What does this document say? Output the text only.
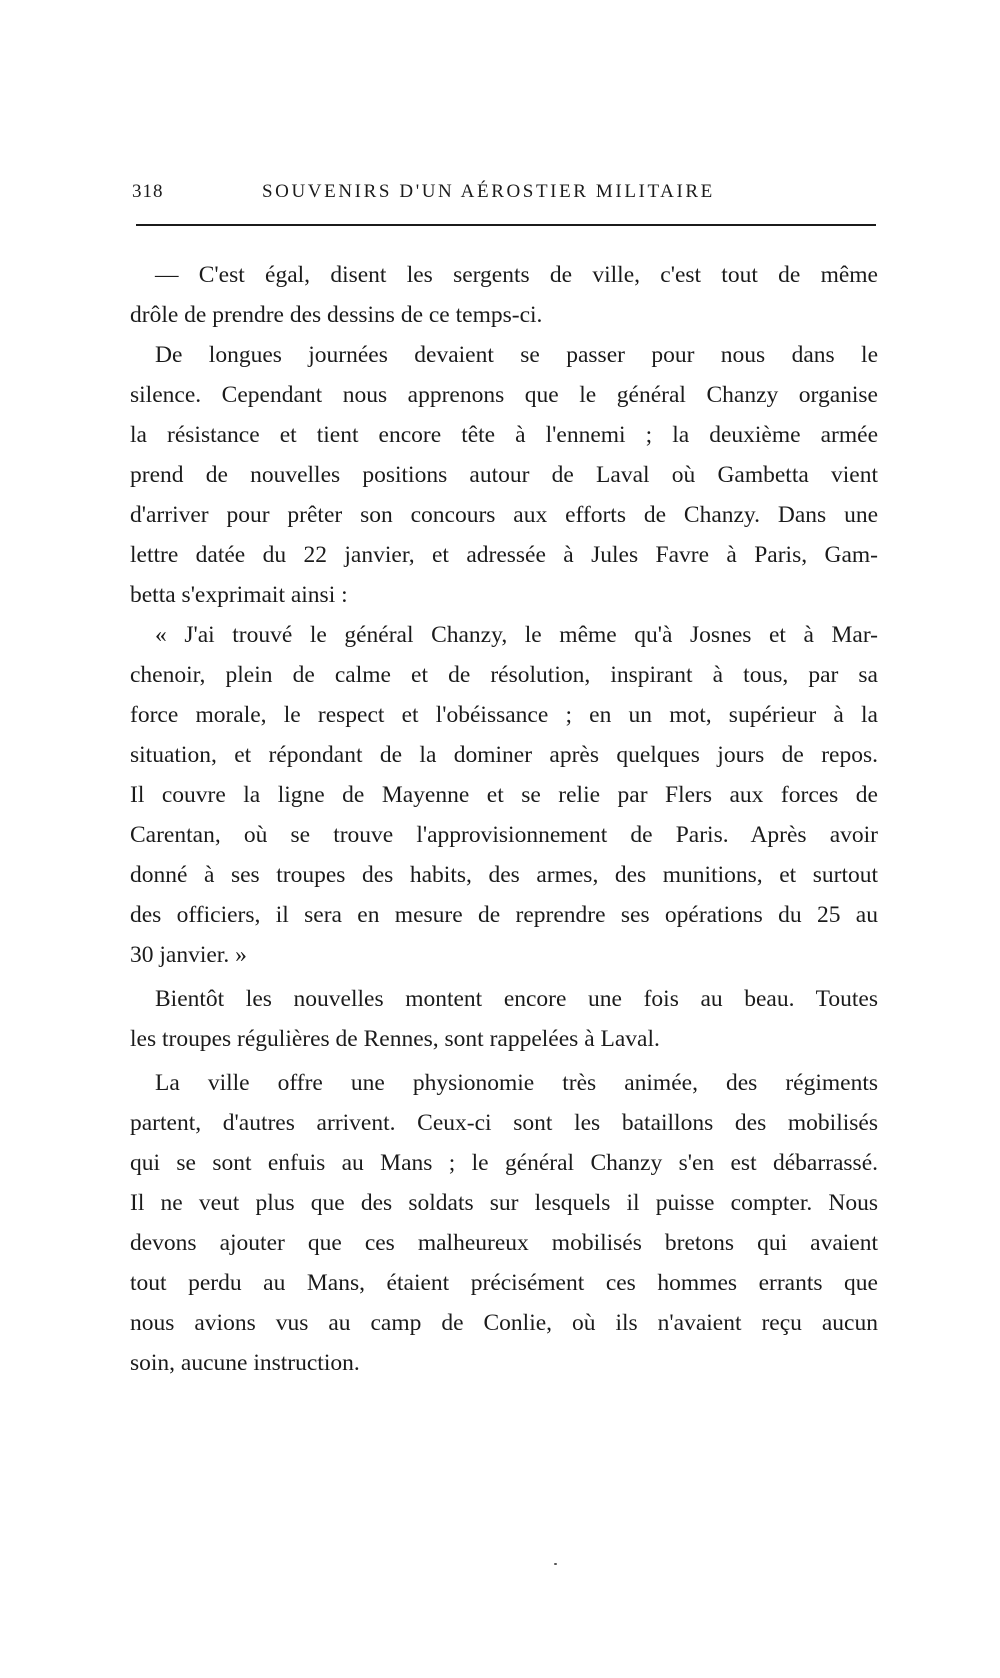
318	SOUVENIRS D'UN AÉROSTIER MILITAIRE
— C'est égal, disent les sergents de ville, c'est tout de même
drôle de prendre des dessins de ce temps-ci.
De longues journées devaient se passer pour nous dans le
silence. Cependant nous apprenons que le général Chanzy organise
la résistance et tient encore tête à l'ennemi ; la deuxième armée
prend de nouvelles positions autour de Laval où Gambetta vient
d'arriver pour prêter son concours aux efforts de Chanzy. Dans une
lettre datée du 22 janvier, et adressée à Jules Favre à Paris, Gam-
betta s'exprimait ainsi :
« J'ai trouvé le général Chanzy, le même qu'à Josnes et à Mar-
chenoir, plein de calme et de résolution, inspirant à tous, par sa
force morale, le respect et l'obéissance ; en un mot, supérieur à la
situation, et répondant de la dominer après quelques jours de repos.
Il couvre la ligne de Mayenne et se relie par Flers aux forces de
Carentan, où se trouve l'approvisionnement de Paris. Après avoir
donné à ses troupes des habits, des armes, des munitions, et surtout
des officiers, il sera en mesure de reprendre ses opérations du 25 au
30 janvier. »
Bientôt les nouvelles montent encore une fois au beau. Toutes
les troupes régulières de Rennes, sont rappelées à Laval.
La ville offre une physionomie très animée, des régiments
partent, d'autres arrivent. Ceux-ci sont les bataillons des mobilisés
qui se sont enfuis au Mans ; le général Chanzy s'en est débarrassé.
Il ne veut plus que des soldats sur lesquels il puisse compter. Nous
devons ajouter que ces malheureux mobilisés bretons qui avaient
tout perdu au Mans, étaient précisément ces hommes errants que
nous avions vus au camp de Conlie, où ils n'avaient reçu aucun
soin, aucune instruction.
